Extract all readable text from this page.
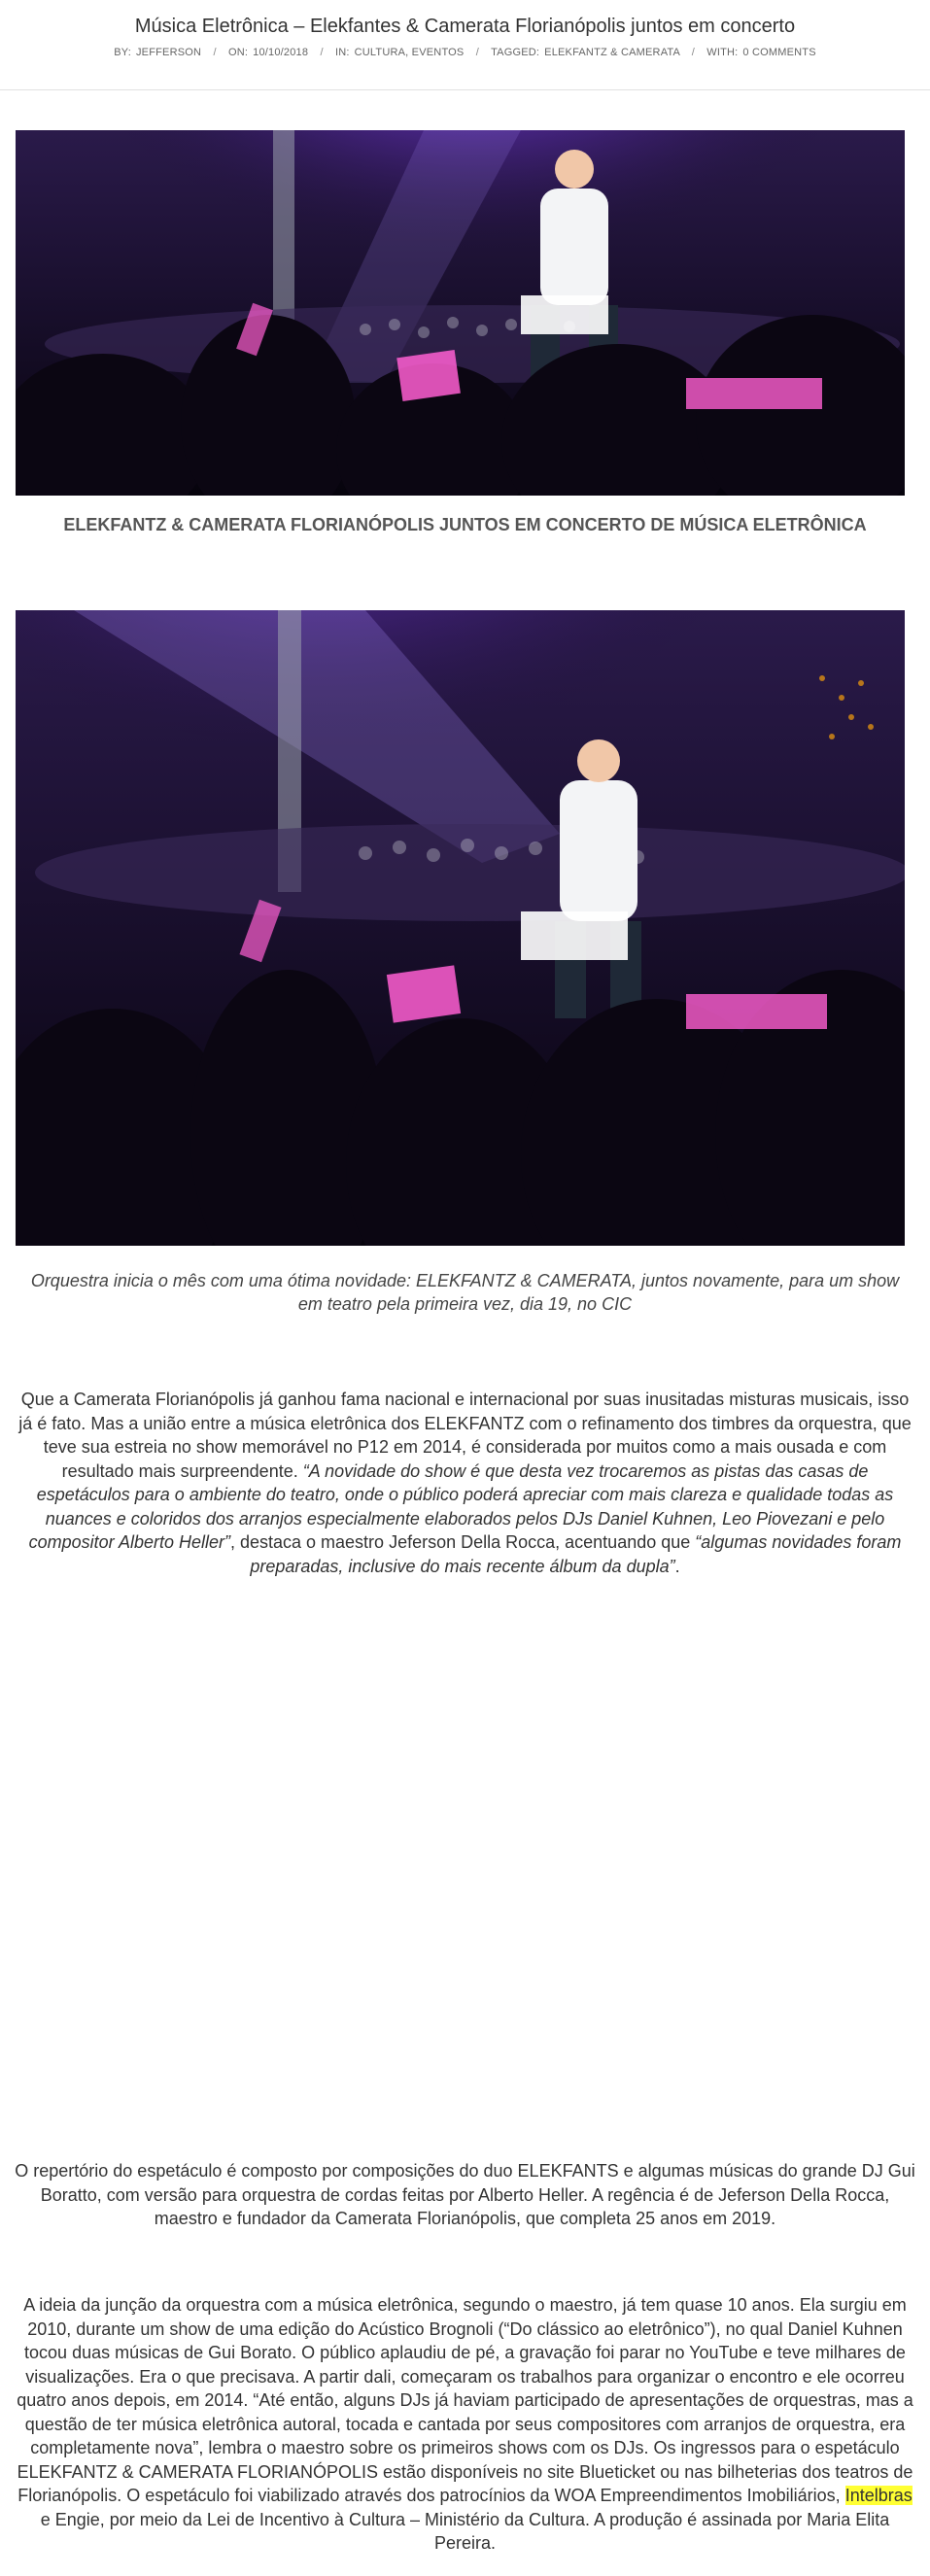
Música Eletrônica – Elekfantes & Camerata Florianópolis juntos em concerto
BY: JEFFERSON / ON: 10/10/2018 / IN: CULTURA, EVENTOS / TAGGED: ELEKFANTZ & CAMERATA / WITH: 0 COMMENTS
ELEKFANTZ & CAMERATA FLORIANÓPOLIS JUNTOS EM CONCERTO DE MÚSICA ELETRÔNICA

Orquestra inicia o mês com uma ótima novidade: ELEKFANTZ & CAMERATA, juntos novamente, para um show em teatro pela primeira vez, dia 19, no CIC

Que a Camerata Florianópolis já ganhou fama nacional e internacional por suas inusitadas misturas musicais, isso já é fato. Mas a união entre a música eletrônica dos ELEKFANTZ com o refinamento dos timbres da orquestra, que teve sua estreia no show memorável no P12 em 2014, é considerada por muitos como a mais ousada e com resultado mais surpreendente. “A novidade do show é que desta vez trocaremos as pistas das casas de espetáculos para o ambiente do teatro, onde o público poderá apreciar com mais clareza e qualidade todas as nuances e coloridos dos arranjos especialmente elaborados pelos DJs Daniel Kuhnen, Leo Piovezani e pelo compositor Alberto Heller”, destaca o maestro Jeferson Della Rocca, acentuando que “algumas novidades foram preparadas, inclusive do mais recente álbum da dupla”.

O repertório do espetáculo é composto por composições do duo ELEKFANTS e algumas músicas do grande DJ Gui Boratto, com versão para orquestra de cordas feitas por Alberto Heller. A regência é de Jeferson Della Rocca, maestro e fundador da Camerata Florianópolis, que completa 25 anos em 2019.

A ideia da junção da orquestra com a música eletrônica, segundo o maestro, já tem quase 10 anos. Ela surgiu em 2010, durante um show de uma edição do Acústico Brognoli (“Do clássico ao eletrônico”), no qual Daniel Kuhnen tocou duas músicas de Gui Borato. O público aplaudiu de pé, a gravação foi parar no YouTube e teve milhares de visualizações. Era o que precisava. A partir dali, começaram os trabalhos para organizar o encontro e ele ocorreu quatro anos depois, em 2014. “Até então, alguns DJs já haviam participado de apresentações de orquestras, mas a questão de ter música eletrônica autoral, tocada e cantada por seus compositores com arranjos de orquestra, era completamente nova”, lembra o maestro sobre os primeiros shows com os DJs. Os ingressos para o espetáculo ELEKFANTZ & CAMERATA FLORIANÓPOLIS estão disponíveis no site Blueticket ou nas bilheterias dos teatros de Florianópolis. O espetáculo foi viabilizado através dos patrocínios da WOA Empreendimentos Imobiliários, Intelbras e Engie, por meio da Lei de Incentivo à Cultura – Ministério da Cultura. A produção é assinada por Maria Elita Pereira.
